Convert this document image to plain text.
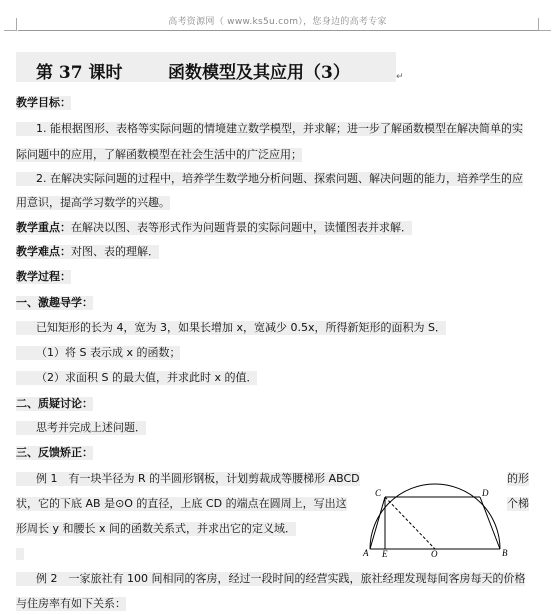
高考资源网（ www.ks5u.com），您身边的高考专家
第 37 课时	函数模型及其应用（3）	↵
教学目标：
1. 能根据图形、表格等实际问题的情境建立数学模型，并求解；进一步了解函数模型在解决简单的实
际问题中的应用，了解函数模型在社会生活中的广泛应用；
2. 在解决实际问题的过程中，培养学生数学地分析问题、探索问题、解决问题的能力，培养学生的应
用意识，提高学习数学的兴趣。
教学重点：在解决以图、表等形式作为问题背景的实际问题中，读懂图表并求解．
教学难点：对图、表的理解．
教学过程：
一、激趣导学：
已知矩形的长为 4，宽为 3，如果长增加 x，宽减少 0.5x，所得新矩形的面积为 S．
（1）将 S 表示成 x 的函数；
（2）求面积 S 的最大值，并求此时 x 的值．
二、质疑讨论：
思考并完成上述问题．
三、反馈矫正：
例 1　有一块半径为 R 的半圆形钢板，计划剪裁成等腰梯形 ABCD	的形
状，它的下底 AB 是⊙O 的直径，上底 CD 的端点在圆周上，写出这	个梯
形周长 y 和腰长 x 间的函数关系式，并求出它的定义域．
A	B
C	D
E	O
例 2　一家旅社有 100 间相同的客房，经过一段时间的经营实践，旅社经理发现每间客房每天的价格
与住房率有如下关系：
